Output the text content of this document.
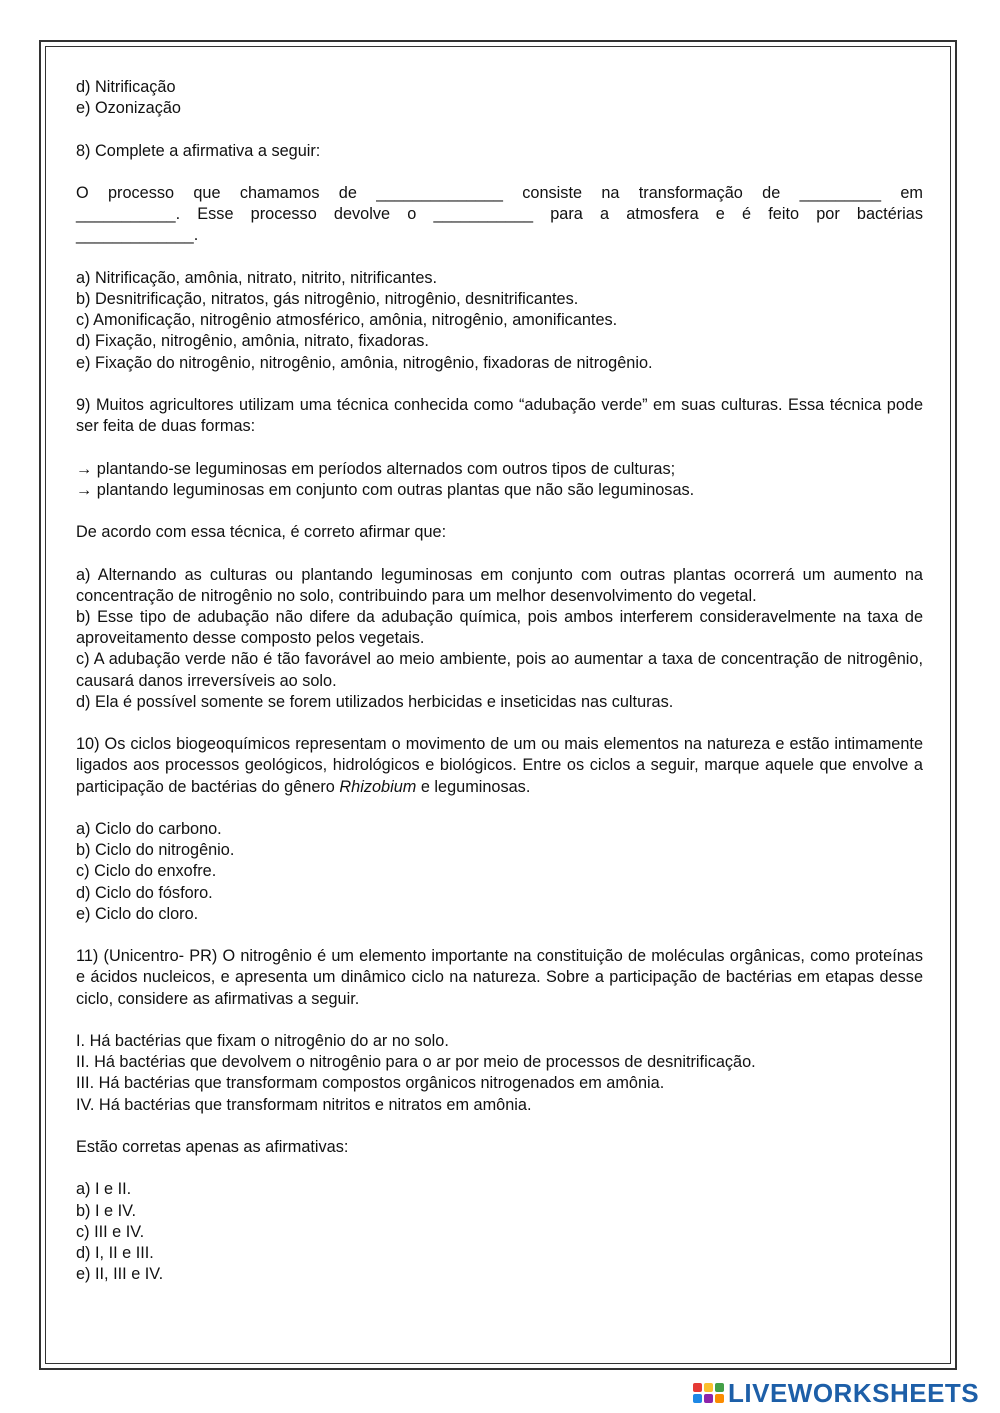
d) Nitrificação

e) Ozonização

8) Complete a afirmativa a seguir:

O processo que chamamos de ______________ consiste na transformação de _________ em

___________. Esse processo devolve o ___________ para a atmosfera e é feito por bactérias

_____________.

a) Nitrificação, amônia, nitrato, nitrito, nitrificantes.

b) Desnitrificação, nitratos, gás nitrogênio, nitrogênio, desnitrificantes.

c) Amonificação, nitrogênio atmosférico, amônia, nitrogênio, amonificantes.

d) Fixação, nitrogênio, amônia, nitrato, fixadoras.

e) Fixação do nitrogênio, nitrogênio, amônia, nitrogênio, fixadoras de nitrogênio.

9) Muitos agricultores utilizam uma técnica conhecida como “adubação verde” em suas culturas. Essa técnica pode ser feita de duas formas:

→ plantando-se leguminosas em períodos alternados com outros tipos de culturas;

→ plantando leguminosas em conjunto com outras plantas que não são leguminosas.

De acordo com essa técnica, é correto afirmar que:

a) Alternando as culturas ou plantando leguminosas em conjunto com outras plantas ocorrerá um aumento na concentração de nitrogênio no solo, contribuindo para um melhor desenvolvimento do vegetal.

b) Esse tipo de adubação não difere da adubação química, pois ambos interferem consideravelmente na taxa de aproveitamento desse composto pelos vegetais.

c) A adubação verde não é tão favorável ao meio ambiente, pois ao aumentar a taxa de concentração de nitrogênio, causará danos irreversíveis ao solo.

d) Ela é possível somente se forem utilizados herbicidas e inseticidas nas culturas.

10) Os ciclos biogeoquímicos representam o movimento de um ou mais elementos na natureza e estão intimamente ligados aos processos geológicos, hidrológicos e biológicos. Entre os ciclos a seguir, marque aquele que envolve a participação de bactérias do gênero Rhizobium e leguminosas.

a) Ciclo do carbono.

b) Ciclo do nitrogênio.

c) Ciclo do enxofre.

d) Ciclo do fósforo.

e) Ciclo do cloro.

11) (Unicentro- PR) O nitrogênio é um elemento importante na constituição de moléculas orgânicas, como proteínas e ácidos nucleicos, e apresenta um dinâmico ciclo na natureza. Sobre a participação de bactérias em etapas desse ciclo, considere as afirmativas a seguir.

I. Há bactérias que fixam o nitrogênio do ar no solo.

II. Há bactérias que devolvem o nitrogênio para o ar por meio de processos de desnitrificação.

III. Há bactérias que transformam compostos orgânicos nitrogenados em amônia.

IV. Há bactérias que transformam nitritos e nitratos em amônia.

Estão corretas apenas as afirmativas:

a) I e II.

b) I e IV.

c) III e IV.

d) I, II e III.

e) II, III e IV.

LIVEWORKSHEETS
